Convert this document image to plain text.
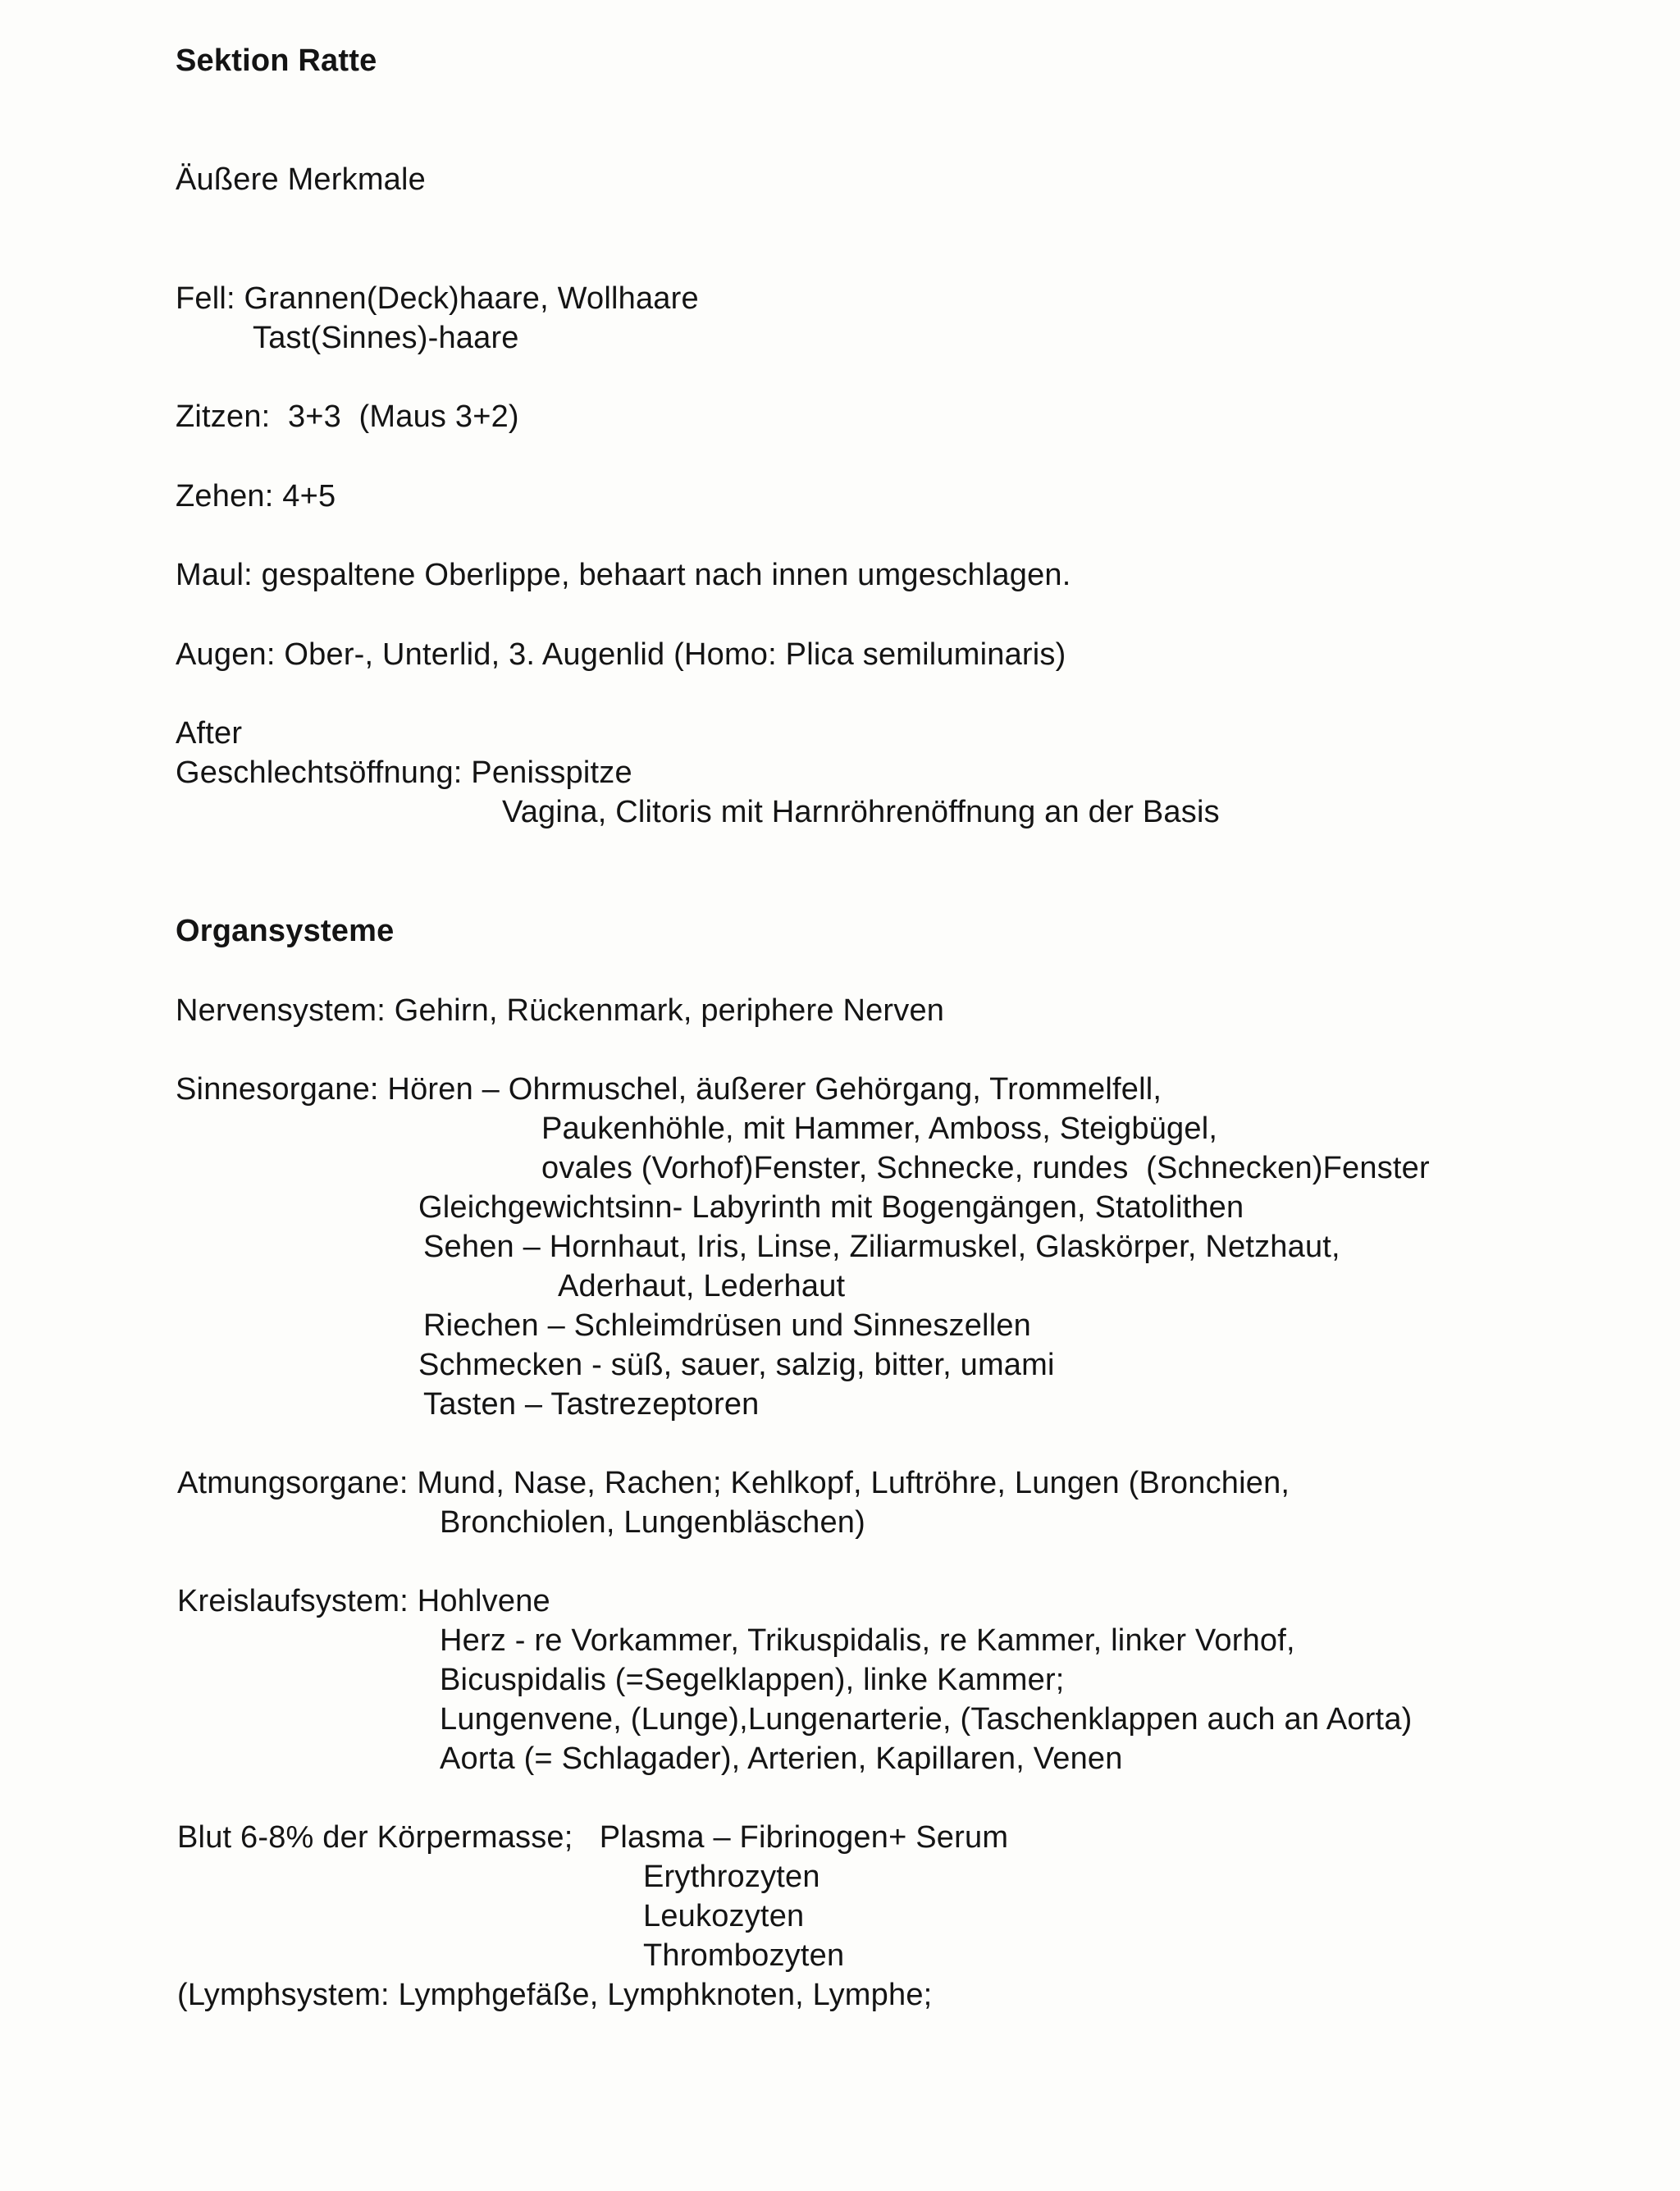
Sektion Ratte
Äußere Merkmale
Fell: Grannen(Deck)haare, Wollhaare
Tast(Sinnes)-haare
Zitzen:  3+3  (Maus 3+2)
Zehen: 4+5
Maul: gespaltene Oberlippe, behaart nach innen umgeschlagen.
Augen: Ober-, Unterlid, 3. Augenlid (Homo: Plica semiluminaris)
After
Geschlechtsöffnung: Penisspitze
Vagina, Clitoris mit Harnröhrenöffnung an der Basis
Organsysteme
Nervensystem: Gehirn, Rückenmark, periphere Nerven
Sinnesorgane: Hören – Ohrmuschel, äußerer Gehörgang, Trommelfell,
Paukenhöhle, mit Hammer, Amboss, Steigbügel,
ovales (Vorhof)Fenster, Schnecke, rundes  (Schnecken)Fenster
Gleichgewichtsinn- Labyrinth mit Bogengängen, Statolithen
Sehen – Hornhaut, Iris, Linse, Ziliarmuskel, Glaskörper, Netzhaut,
Aderhaut, Lederhaut
Riechen – Schleimdrüsen und Sinneszellen
Schmecken - süß, sauer, salzig, bitter, umami
Tasten – Tastrezeptoren
Atmungsorgane: Mund, Nase, Rachen; Kehlkopf, Luftröhre, Lungen (Bronchien,
Bronchiolen, Lungenbläschen)
Kreislaufsystem: Hohlvene
Herz - re Vorkammer, Trikuspidalis, re Kammer, linker Vorhof,
Bicuspidalis (=Segelklappen), linke Kammer;
Lungenvene, (Lunge),Lungenarterie, (Taschenklappen auch an Aorta)
Aorta (= Schlagader), Arterien, Kapillaren, Venen
Blut 6-8% der Körpermasse;   Plasma – Fibrinogen+ Serum
Erythrozyten
Leukozyten
Thrombozyten
(Lymphsystem: Lymphgefäße, Lymphknoten, Lymphe;
